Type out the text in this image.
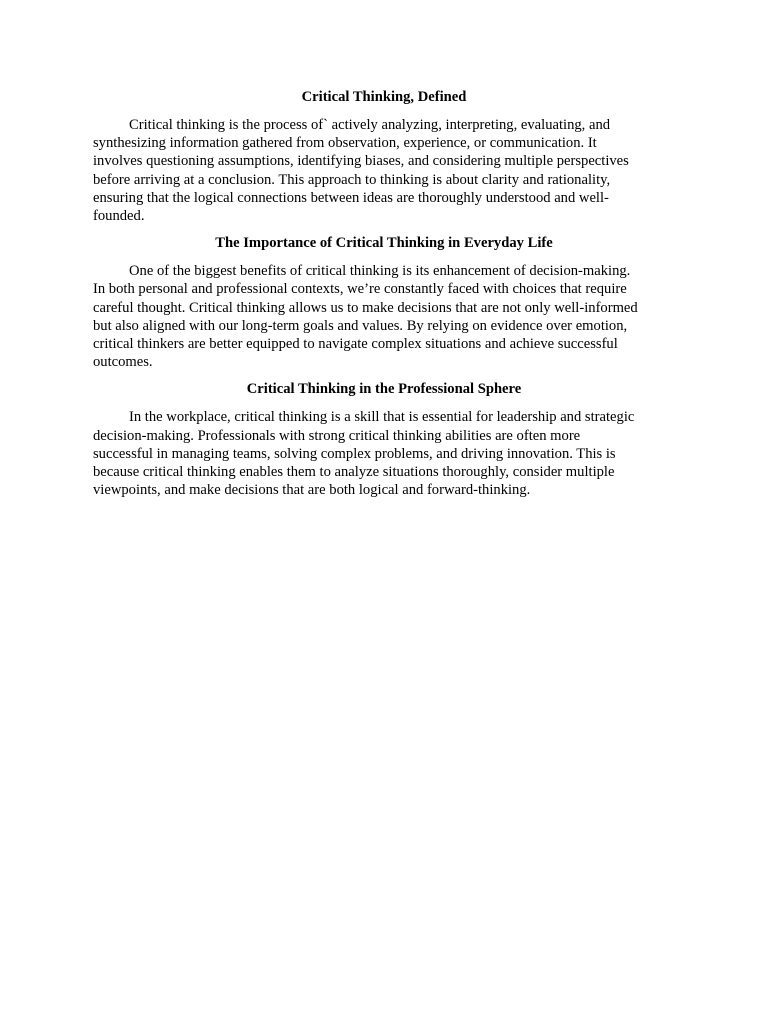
Critical Thinking, Defined
Critical thinking is the process of` actively analyzing, interpreting, evaluating, and
synthesizing information gathered from observation, experience, or communication. It
involves questioning assumptions, identifying biases, and considering multiple perspectives
before arriving at a conclusion. This approach to thinking is about clarity and rationality,
ensuring that the logical connections between ideas are thoroughly understood and well-
founded.
The Importance of Critical Thinking in Everyday Life
One of the biggest benefits of critical thinking is its enhancement of decision-making.
In both personal and professional contexts, we’re constantly faced with choices that require
careful thought. Critical thinking allows us to make decisions that are not only well-informed
but also aligned with our long-term goals and values. By relying on evidence over emotion,
critical thinkers are better equipped to navigate complex situations and achieve successful
outcomes.
Critical Thinking in the Professional Sphere
In the workplace, critical thinking is a skill that is essential for leadership and strategic
decision-making. Professionals with strong critical thinking abilities are often more
successful in managing teams, solving complex problems, and driving innovation. This is
because critical thinking enables them to analyze situations thoroughly, consider multiple
viewpoints, and make decisions that are both logical and forward-thinking.
